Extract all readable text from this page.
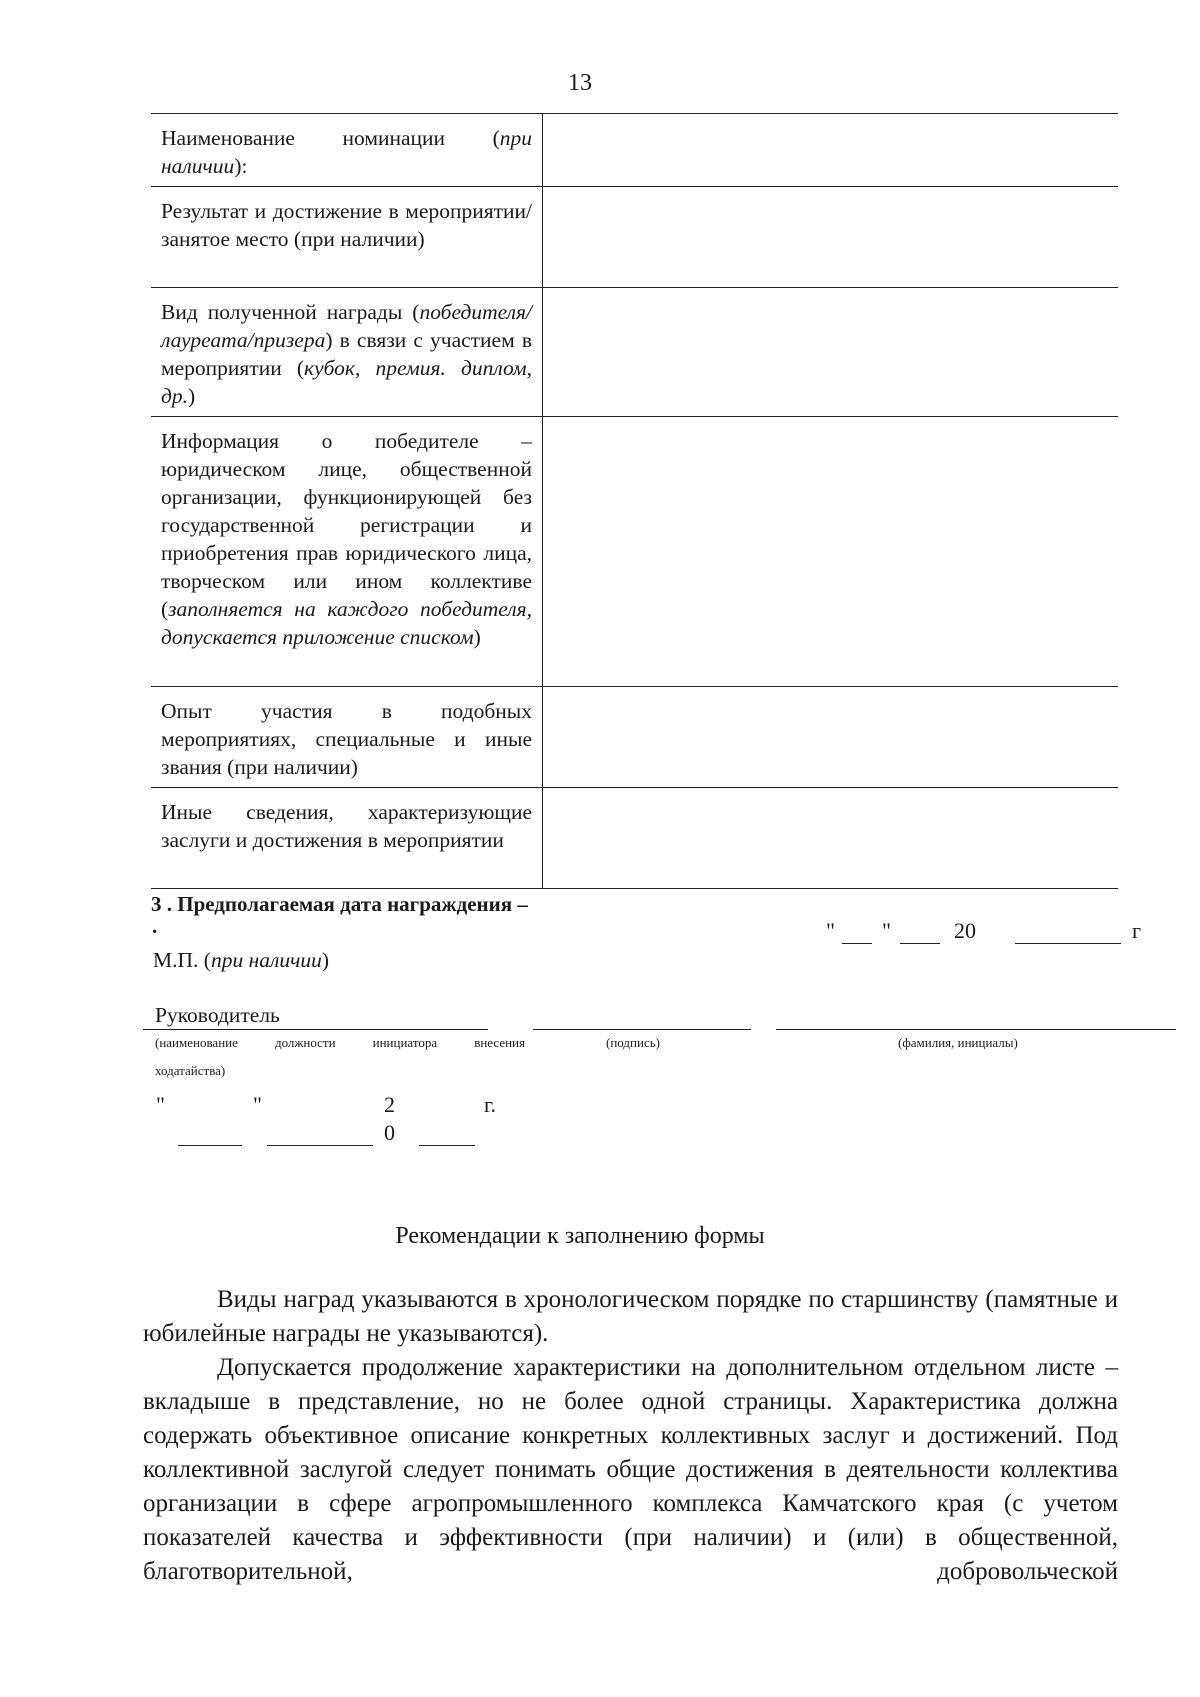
13
Наименование номинации (при наличии):	
Результат и достижение в мероприятии/занятое место (при наличии)	
Вид полученной награды (победителя/лауреата/призера) в связи с участием в мероприятии (кубок, премия. диплом, др.)	
Информация о победителе – юридическом лице, общественной организации, функционирующей без государственной регистрации и приобретения прав юридического лица, творческом или ином коллективе (заполняется на каждого победителя, допускается приложение списком)	
Опыт участия в подобных мероприятиях, специальные и иные звания (при наличии)	
Иные сведения, характеризующие заслуги и достижения в мероприятии	
3 . Предполагаемая дата награждения –
.	" "	20	г
М.П. (при наличии)
Руководитель
(наименование должности инициатора внесения
ходатайства)
(подпись)	(фамилия, инициалы)
"	"	2
0
г.
Рекомендации к заполнению формы
Виды наград указываются в хронологическом порядке по старшинству (памятные и юбилейные награды не указываются).
Допускается продолжение характеристики на дополнительном отдельном листе – вкладыше в представление, но не более одной страницы. Характеристика должна содержать объективное описание конкретных коллективных заслуг и достижений. Под коллективной заслугой следует понимать общие достижения в деятельности коллектива организации в сфере агропромышленного комплекса Камчатского края (с учетом показателей качества и эффективности (при наличии) и (или) в общественной, благотворительной, добровольческой
